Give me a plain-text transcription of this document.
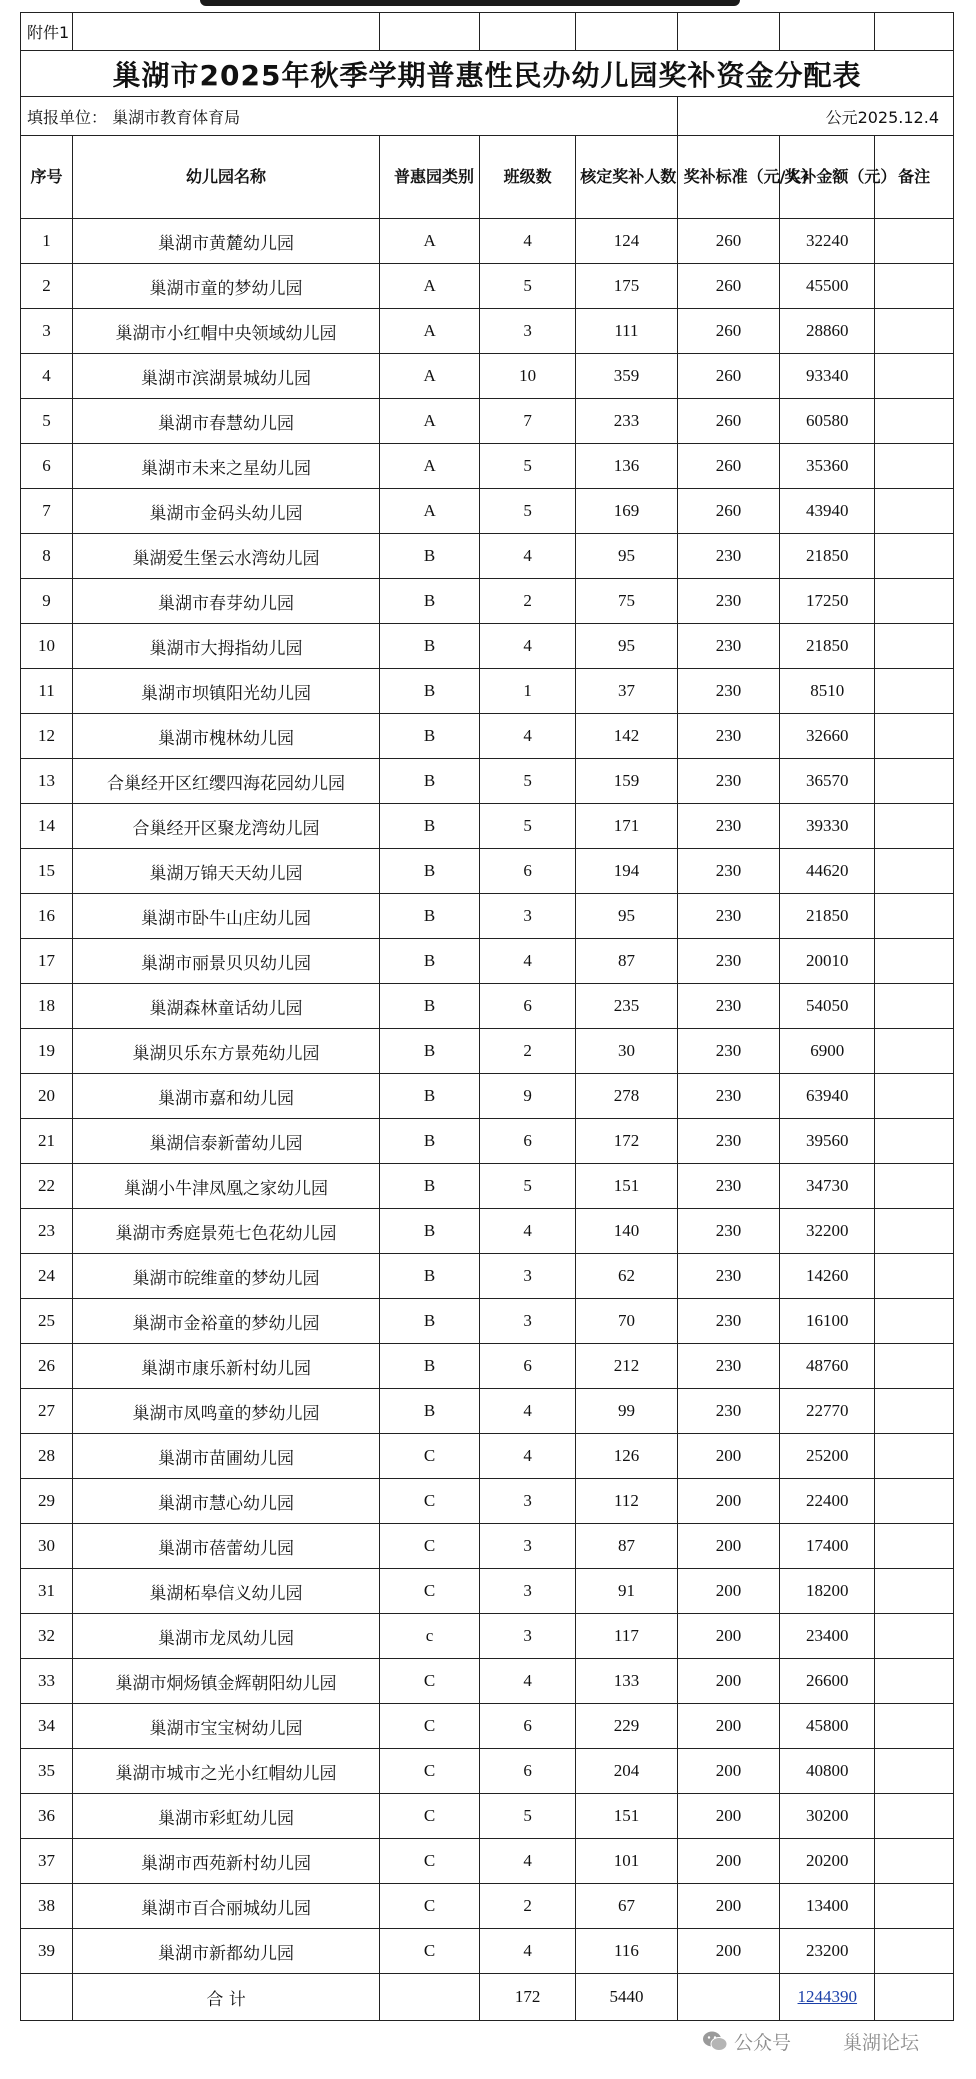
附件1							
巢湖市2025年秋季学期普惠性民办幼儿园奖补资金分配表							
填报单位： 巢湖市教育体育局					公元2025.12.4		
序号	幼儿园名称	普惠园类别	班级数	核定奖补人数	奖补标准（元/人）	奖补金额（元）	备注
1	巢湖市黄麓幼儿园	A	4	124	260	32240	
2	巢湖市童的梦幼儿园	A	5	175	260	45500	
3	巢湖市小红帽中央领域幼儿园	A	3	111	260	28860	
4	巢湖市滨湖景城幼儿园	A	10	359	260	93340	
5	巢湖市春慧幼儿园	A	7	233	260	60580	
6	巢湖市未来之星幼儿园	A	5	136	260	35360	
7	巢湖市金码头幼儿园	A	5	169	260	43940	
8	巢湖爱生堡云水湾幼儿园	B	4	95	230	21850	
9	巢湖市春芽幼儿园	B	2	75	230	17250	
10	巢湖市大拇指幼儿园	B	4	95	230	21850	
11	巢湖市坝镇阳光幼儿园	B	1	37	230	8510	
12	巢湖市槐林幼儿园	B	4	142	230	32660	
13	合巢经开区红缨四海花园幼儿园	B	5	159	230	36570	
14	合巢经开区聚龙湾幼儿园	B	5	171	230	39330	
15	巢湖万锦天天幼儿园	B	6	194	230	44620	
16	巢湖市卧牛山庄幼儿园	B	3	95	230	21850	
17	巢湖市丽景贝贝幼儿园	B	4	87	230	20010	
18	巢湖森林童话幼儿园	B	6	235	230	54050	
19	巢湖贝乐东方景苑幼儿园	B	2	30	230	6900	
20	巢湖市嘉和幼儿园	B	9	278	230	63940	
21	巢湖信泰新蕾幼儿园	B	6	172	230	39560	
22	巢湖小牛津凤凰之家幼儿园	B	5	151	230	34730	
23	巢湖市秀庭景苑七色花幼儿园	B	4	140	230	32200	
24	巢湖市皖维童的梦幼儿园	B	3	62	230	14260	
25	巢湖市金裕童的梦幼儿园	B	3	70	230	16100	
26	巢湖市康乐新村幼儿园	B	6	212	230	48760	
27	巢湖市凤鸣童的梦幼儿园	B	4	99	230	22770	
28	巢湖市苗圃幼儿园	C	4	126	200	25200	
29	巢湖市慧心幼儿园	C	3	112	200	22400	
30	巢湖市蓓蕾幼儿园	C	3	87	200	17400	
31	巢湖柘皋信义幼儿园	C	3	91	200	18200	
32	巢湖市龙凤幼儿园	c	3	117	200	23400	
33	巢湖市烔炀镇金辉朝阳幼儿园	C	4	133	200	26600	
34	巢湖市宝宝树幼儿园	C	6	229	200	45800	
35	巢湖市城市之光小红帽幼儿园	C	6	204	200	40800	
36	巢湖市彩虹幼儿园	C	5	151	200	30200	
37	巢湖市西苑新村幼儿园	C	4	101	200	20200	
38	巢湖市百合丽城幼儿园	C	2	67	200	13400	
39	巢湖市新都幼儿园	C	4	116	200	23200	
	合 计		172	5440		1244390	
公众号	巢湖论坛
